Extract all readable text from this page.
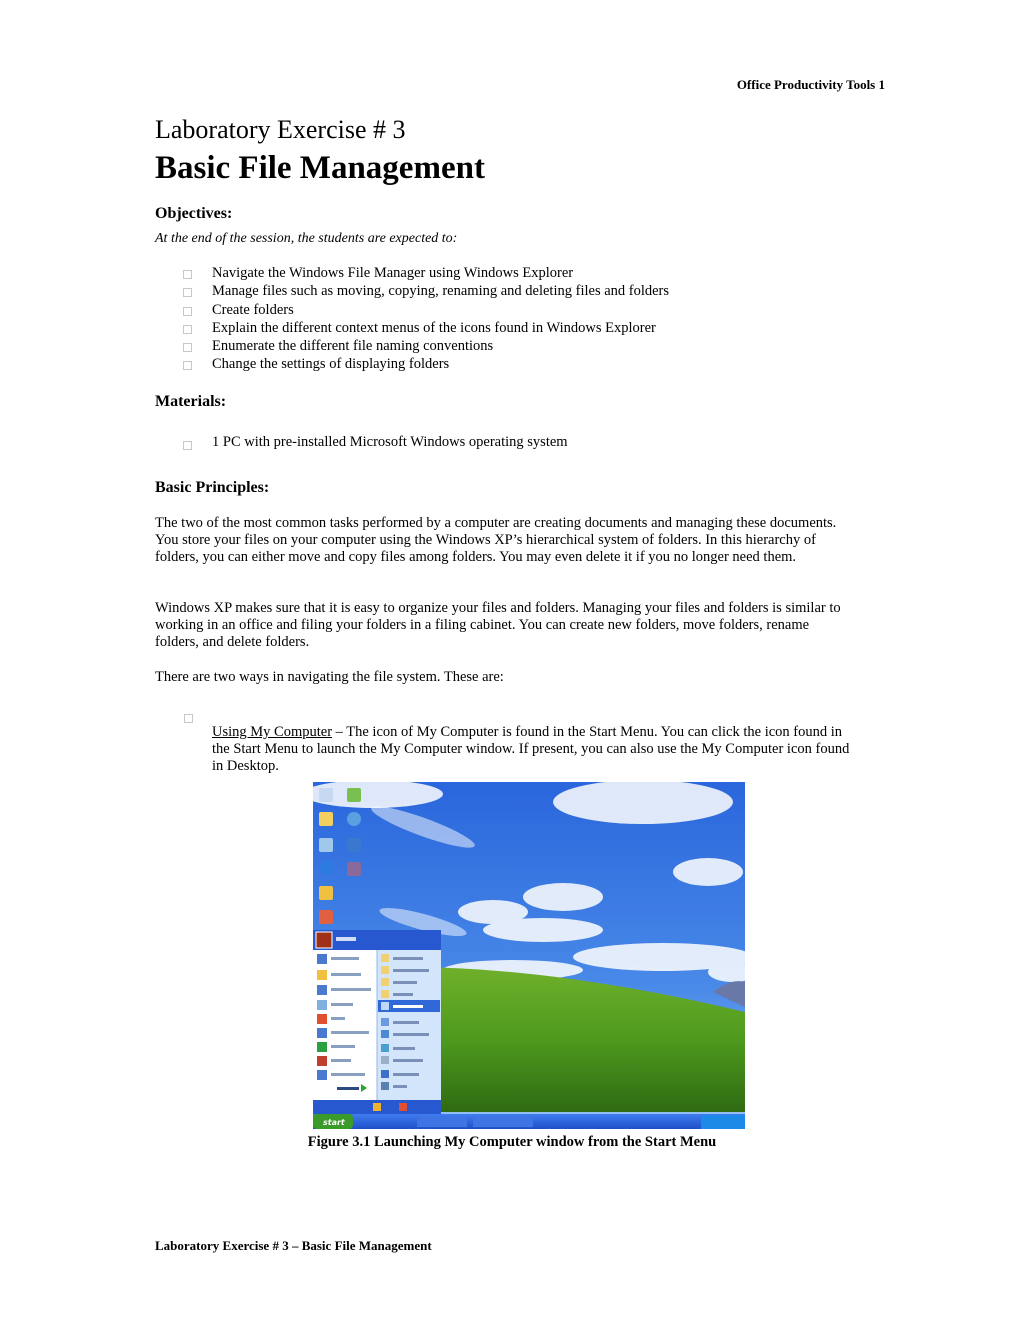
Office Productivity Tools 1
Laboratory Exercise # 3
Basic File Management
Objectives:
At the end of the session, the students are expected to:
Navigate the Windows File Manager using Windows Explorer
Manage files such as moving, copying, renaming and deleting files and folders
Create folders
Explain the different context menus of the icons found in Windows Explorer
Enumerate the different file naming conventions
Change the settings of displaying folders
Materials:
1 PC with pre-installed Microsoft Windows operating system
Basic Principles:

The two of the most common tasks performed by a computer are creating documents and managing these documents. You store your files on your computer using the Windows XP’s hierarchical system of folders. In this hierarchy of folders, you can either move and copy files among folders. You may even delete it if you no longer need them.

Windows XP makes sure that it is easy to organize your files and folders. Managing your files and folders is similar to working in an office and filing your folders in a filing cabinet. You can create new folders, move folders, rename folders, and delete folders.

There are two ways in navigating the file system. These are:

Using My Computer – The icon of My Computer is found in the Start Menu. You can click the icon found in the Start Menu to launch the My Computer window. If present, you can also use the My Computer icon found in Desktop.

start
Figure 3.1 Launching My Computer window from the Start Menu
Laboratory Exercise # 3 – Basic File Management
